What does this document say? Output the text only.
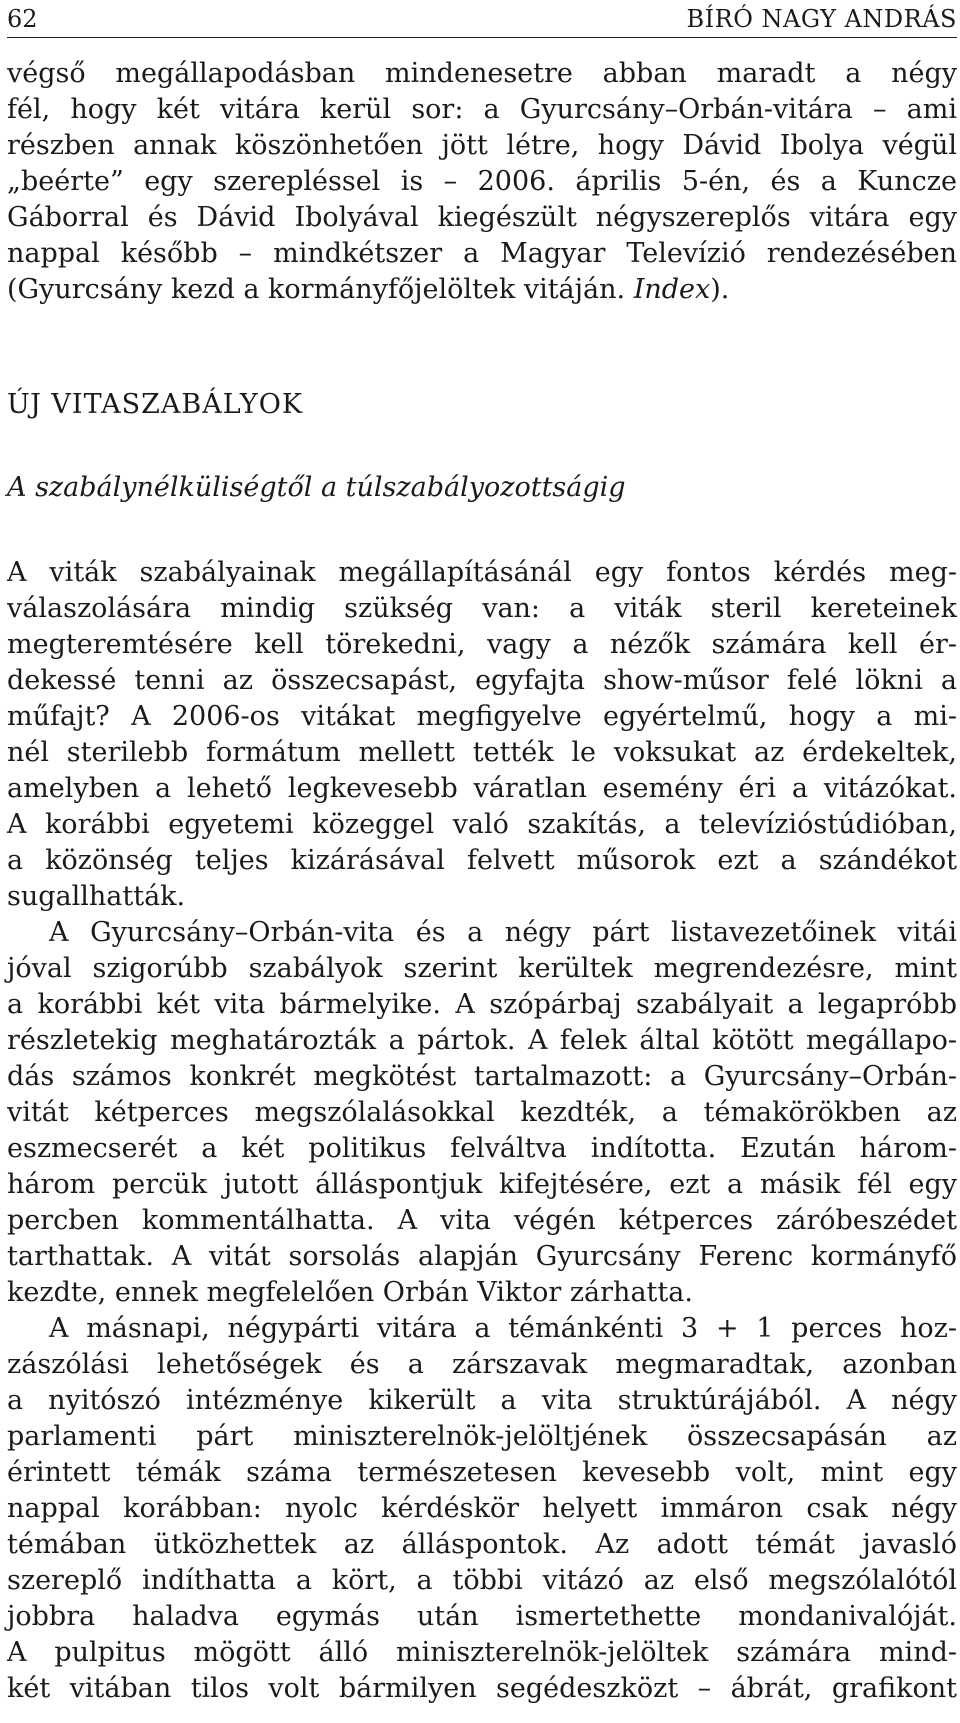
62	BÍRÓ NAGY ANDRÁS
végső megállapodásban mindenesetre abban maradt a négy
fél, hogy két vitára kerül sor: a Gyurcsány–Orbán-vitára – ami
részben annak köszönhetően jött létre, hogy Dávid Ibolya végül
„beérte” egy szerepléssel is – 2006. április 5-én, és a Kuncze
Gáborral és Dávid Ibolyával kiegészült négyszereplős vitára egy
nappal később – mindkétszer a Magyar Televízió rendezésében
(Gyurcsány kezd a kormányfőjelöltek vitáján. Index).
ÚJ VITASZABÁLYOK
A szabálynélküliségtől a túlszabályozottságig
A viták szabályainak megállapításánál egy fontos kérdés meg-
válaszolására mindig szükség van: a viták steril kereteinek
megteremtésére kell törekedni, vagy a nézők számára kell ér-
dekessé tenni az összecsapást, egyfajta show-műsor felé lökni a
műfajt? A 2006-os vitákat megfigyelve egyértelmű, hogy a mi-
nél sterilebb formátum mellett tették le voksukat az érdekeltek,
amelyben a lehető legkevesebb váratlan esemény éri a vitázókat.
A korábbi egyetemi közeggel való szakítás, a televízióstúdióban,
a közönség teljes kizárásával felvett műsorok ezt a szándékot
sugallhatták.
A Gyurcsány–Orbán-vita és a négy párt listavezetőinek vitái
jóval szigorúbb szabályok szerint kerültek megrendezésre, mint
a korábbi két vita bármelyike. A szópárbaj szabályait a legapróbb
részletekig meghatározták a pártok. A felek által kötött megállapo-
dás számos konkrét megkötést tartalmazott: a Gyurcsány–Orbán-
vitát kétperces megszólalásokkal kezdték, a témakörökben az
eszmecserét a két politikus felváltva indította. Ezután három-
három percük jutott álláspontjuk kifejtésére, ezt a másik fél egy
percben kommentálhatta. A vita végén kétperces záróbeszédet
tarthattak. A vitát sorsolás alapján Gyurcsány Ferenc kormányfő
kezdte, ennek megfelelően Orbán Viktor zárhatta.
A másnapi, négypárti vitára a témánkénti 3 + 1 perces hoz-
zászólási lehetőségek és a zárszavak megmaradtak, azonban
a nyitószó intézménye kikerült a vita struktúrájából. A négy
parlamenti párt miniszterelnök-jelöltjének összecsapásán az
érintett témák száma természetesen kevesebb volt, mint egy
nappal korábban: nyolc kérdéskör helyett immáron csak négy
témában ütközhettek az álláspontok. Az adott témát javasló
szereplő indíthatta a kört, a többi vitázó az első megszólalótól
jobbra haladva egymás után ismertethette mondanivalóját.
A pulpitus mögött álló miniszterelnök-jelöltek számára mind-
két vitában tilos volt bármilyen segédeszközt – ábrát, grafikont
